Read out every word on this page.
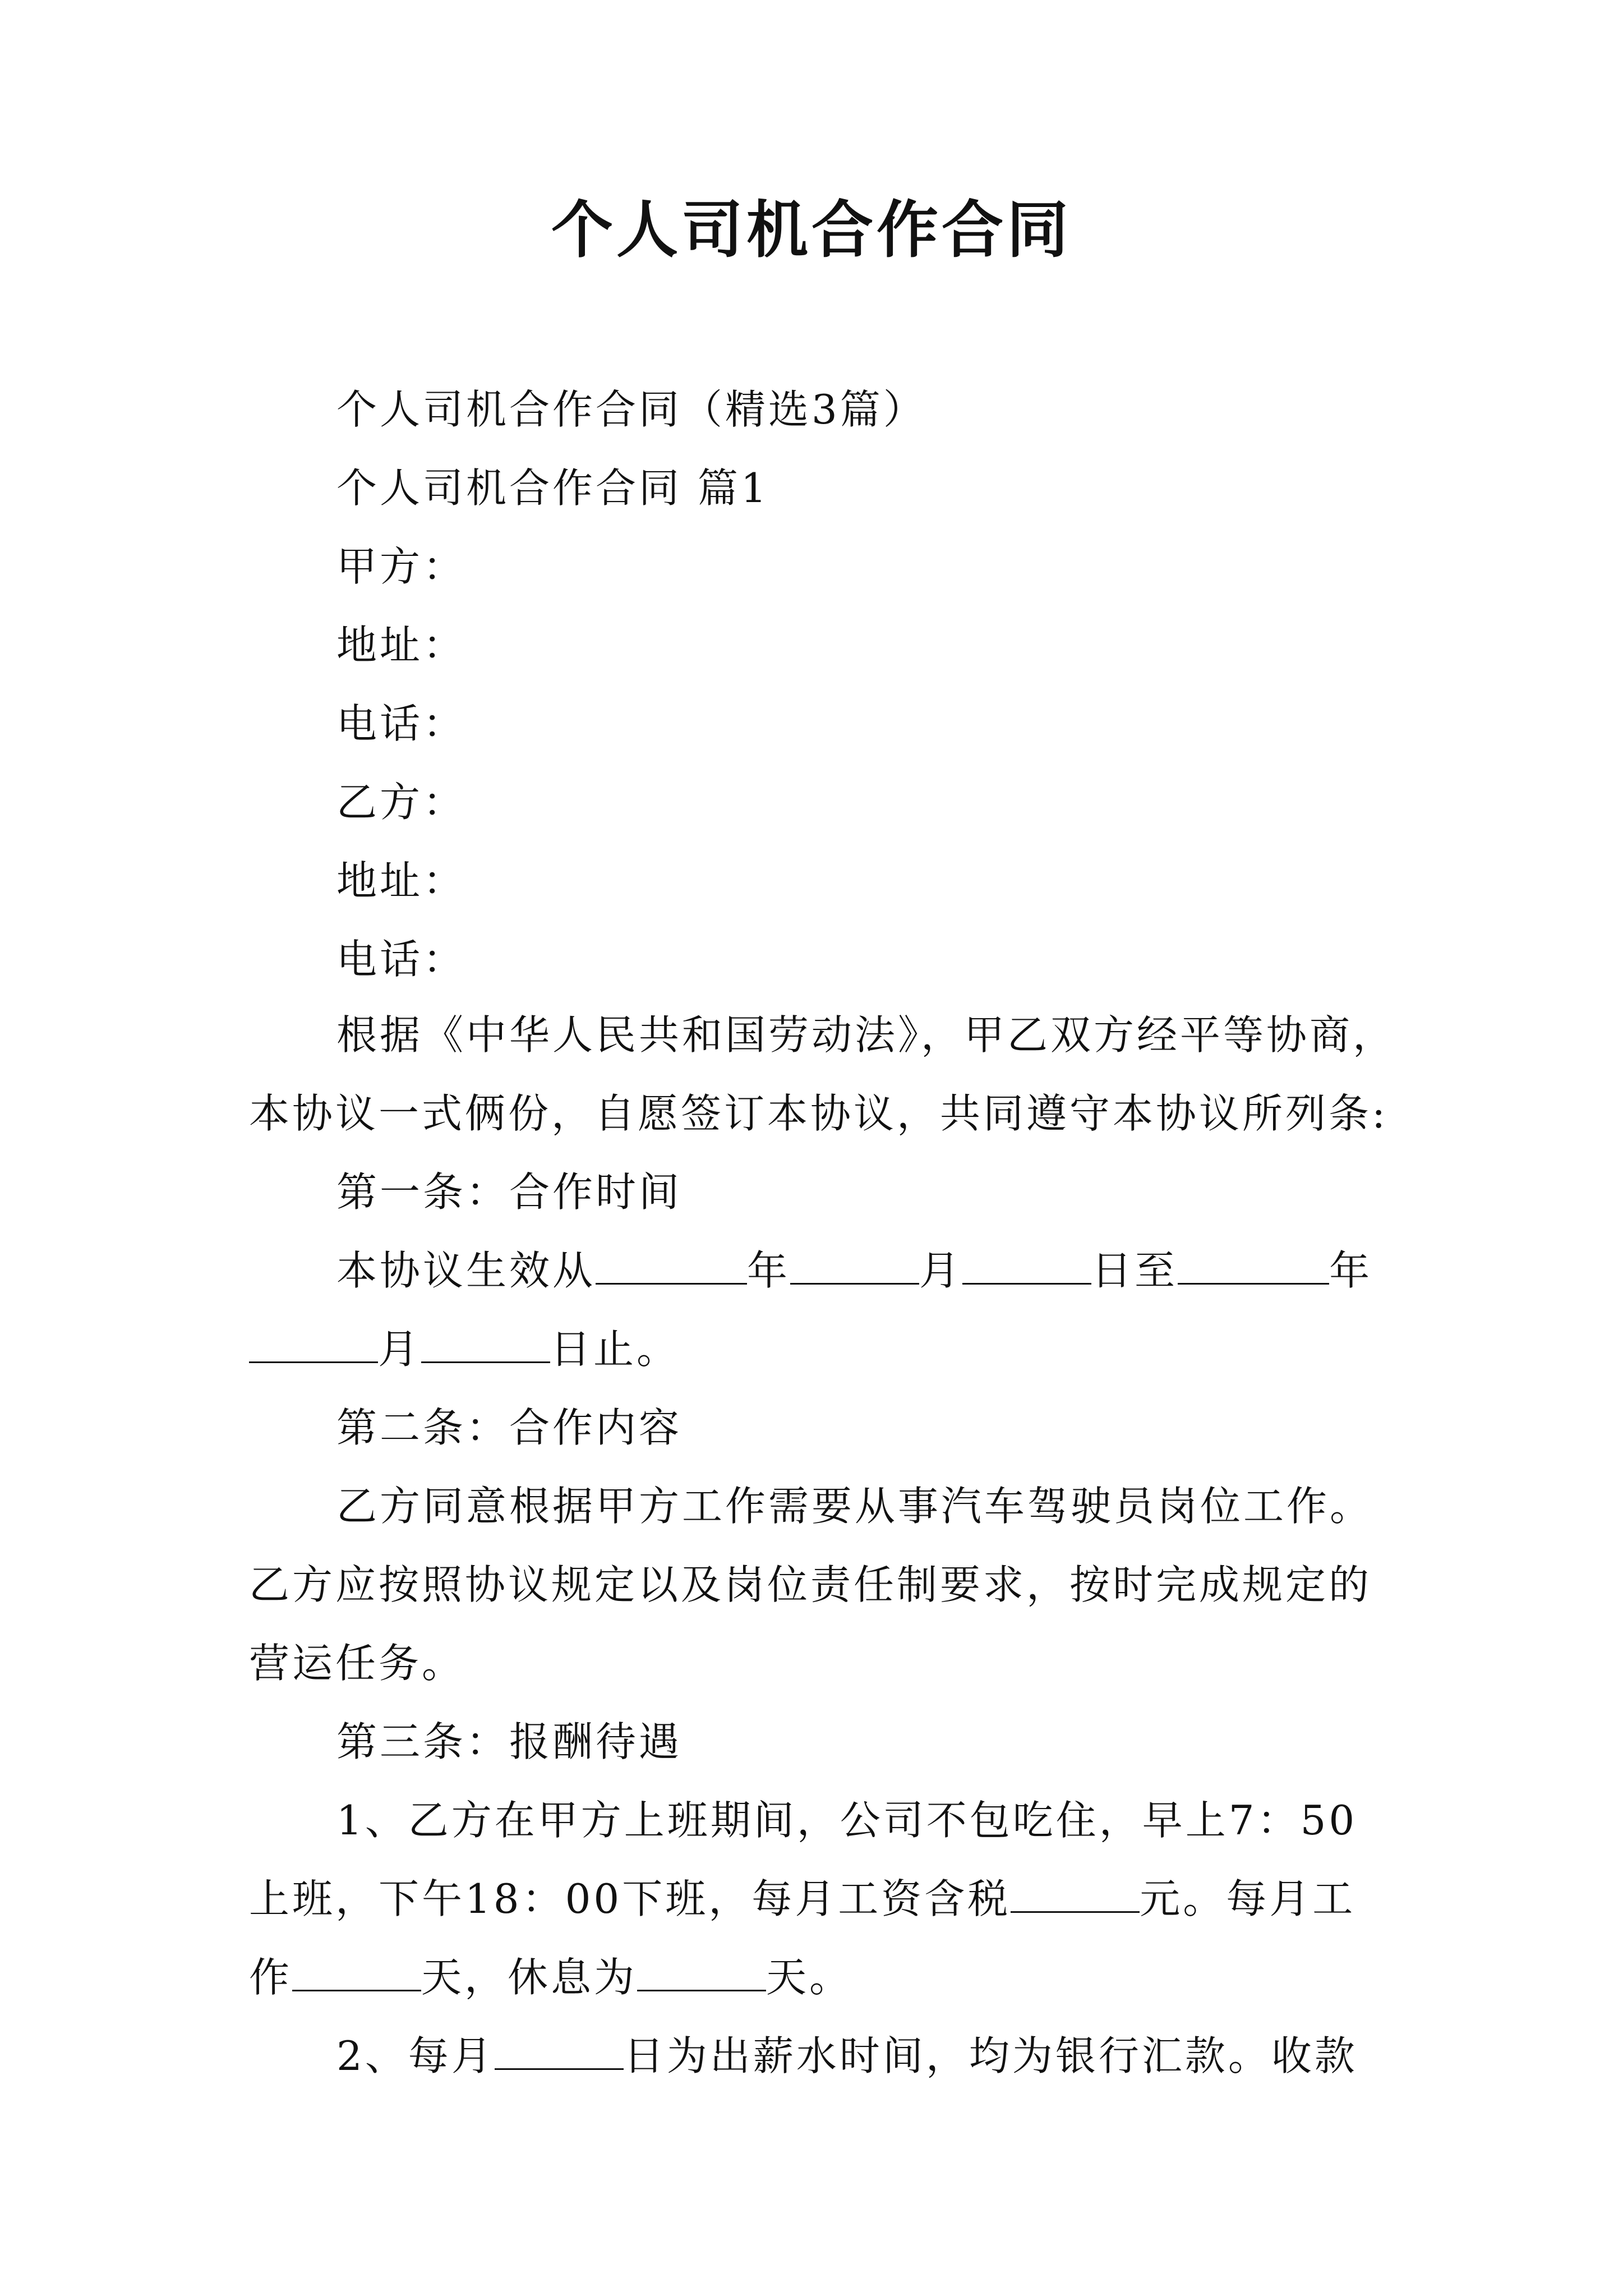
个人司机合作合同
个人司机合作合同（精选3篇）
个人司机合作合同 篇1
甲方：
地址：
电话：
乙方：
地址：
电话：
根据《中华人民共和国劳动法》，甲乙双方经平等协商，
本协议一式俩份，自愿签订本协议，共同遵守本协议所列条:
第一条：合作时间
本协议生效从	年	月	日至	年
月	日止。
第二条：合作内容
乙方同意根据甲方工作需要从事汽车驾驶员岗位工作。
乙方应按照协议规定以及岗位责任制要求，按时完成规定的
营运任务。
第三条：报酬待遇
1、乙方在甲方上班期间，公司不包吃住，早上7：50
上班，下午18：00下班，每月工资含税	元。每月工
作	天，休息为	天。
2、每月	日为出薪水时间，均为银行汇款。收款
